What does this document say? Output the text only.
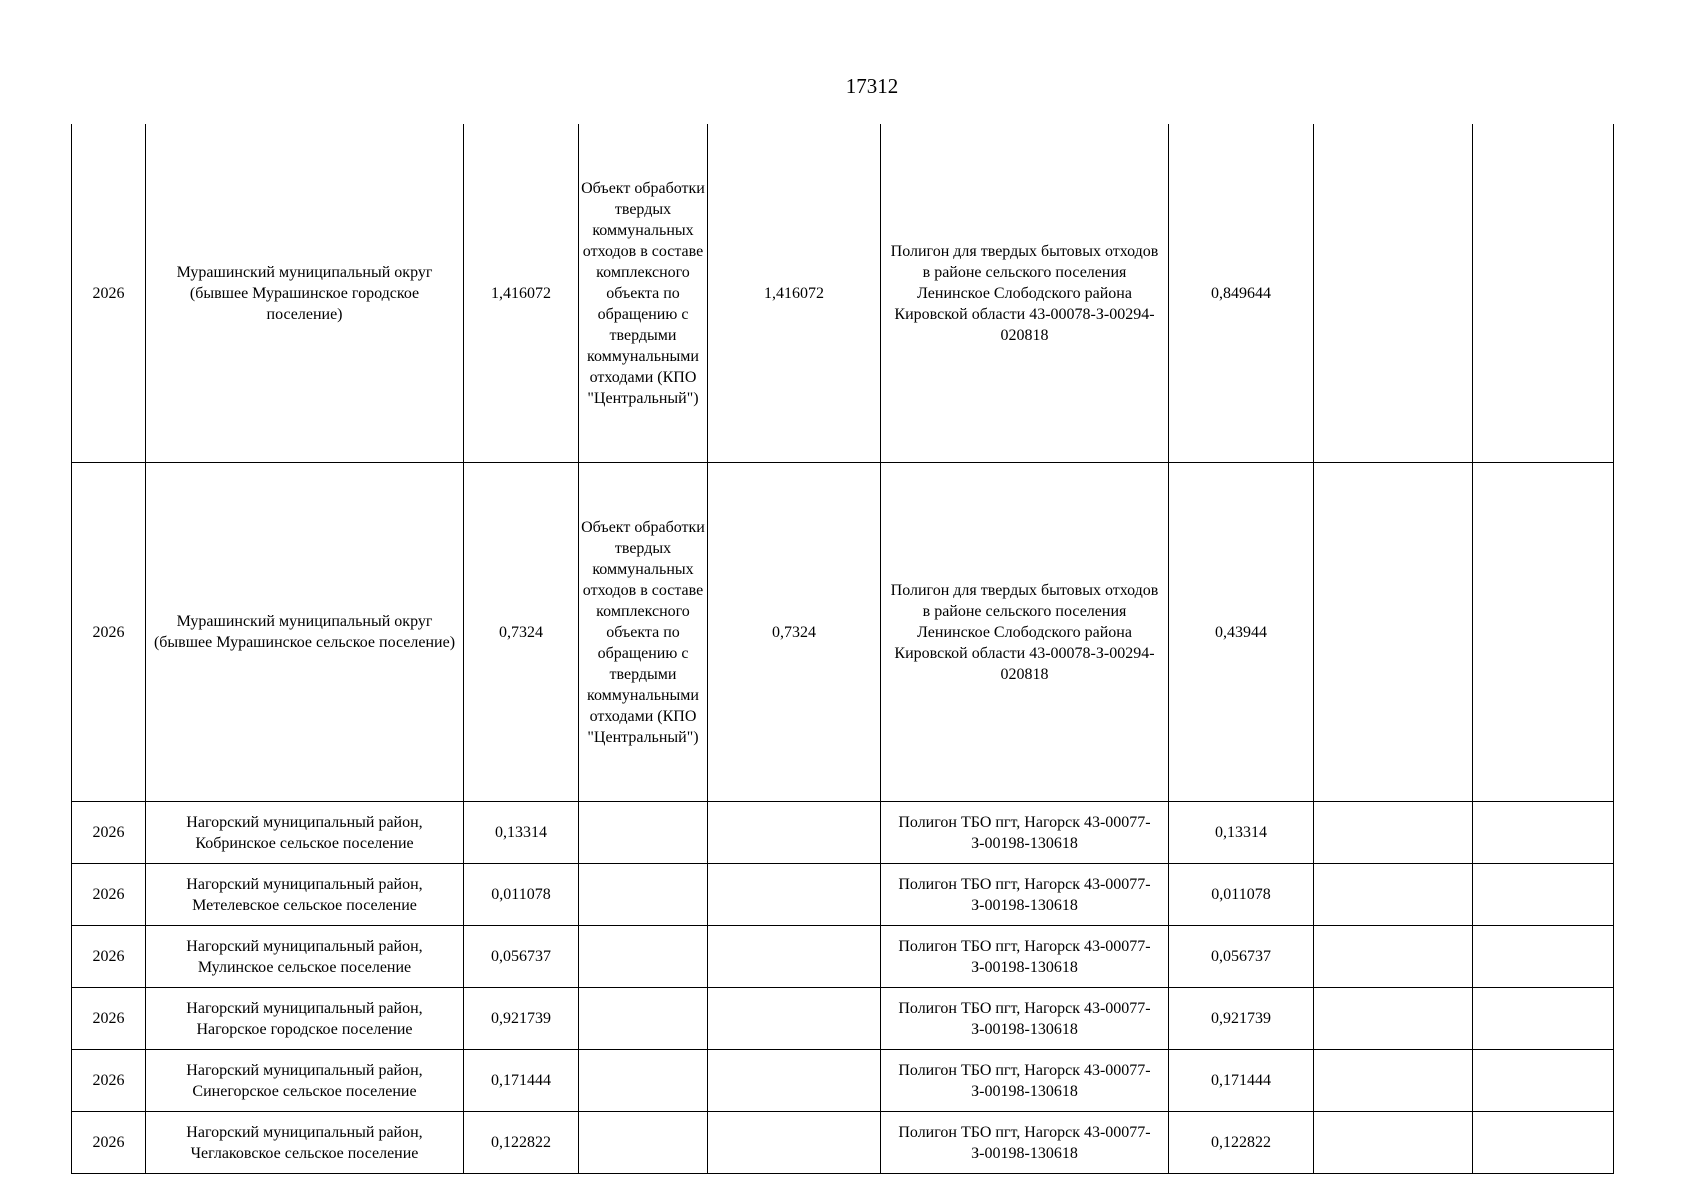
17312
2026	Мурашинский муниципальный округ (бывшее Мурашинское городское поселение)	1,416072	Объект обработки твердых коммунальных отходов в составе комплексного объекта по обращению с твердыми коммунальными отходами (КПО "Центральный")	1,416072	Полигон для твердых бытовых отходов в районе сельского поселения Ленинское Слободского района Кировской области 43-00078-З-00294-020818	0,849644		
2026	Мурашинский муниципальный округ (бывшее Мурашинское сельское поселение)	0,7324	Объект обработки твердых коммунальных отходов в составе комплексного объекта по обращению с твердыми коммунальными отходами (КПО "Центральный")	0,7324	Полигон для твердых бытовых отходов в районе сельского поселения Ленинское Слободского района Кировской области 43-00078-З-00294-020818	0,43944		
2026	Нагорский муниципальный район, Кобринское сельское поселение	0,13314			Полигон ТБО пгт, Нагорск 43-00077-З-00198-130618	0,13314		
2026	Нагорский муниципальный район, Метелевское сельское поселение	0,011078			Полигон ТБО пгт, Нагорск 43-00077-З-00198-130618	0,011078		
2026	Нагорский муниципальный район, Мулинское сельское поселение	0,056737			Полигон ТБО пгт, Нагорск 43-00077-З-00198-130618	0,056737		
2026	Нагорский муниципальный район, Нагорское городское поселение	0,921739			Полигон ТБО пгт, Нагорск 43-00077-З-00198-130618	0,921739		
2026	Нагорский муниципальный район, Синегорское сельское поселение	0,171444			Полигон ТБО пгт, Нагорск 43-00077-З-00198-130618	0,171444		
2026	Нагорский муниципальный район, Чеглаковское сельское поселение	0,122822			Полигон ТБО пгт, Нагорск 43-00077-З-00198-130618	0,122822		
